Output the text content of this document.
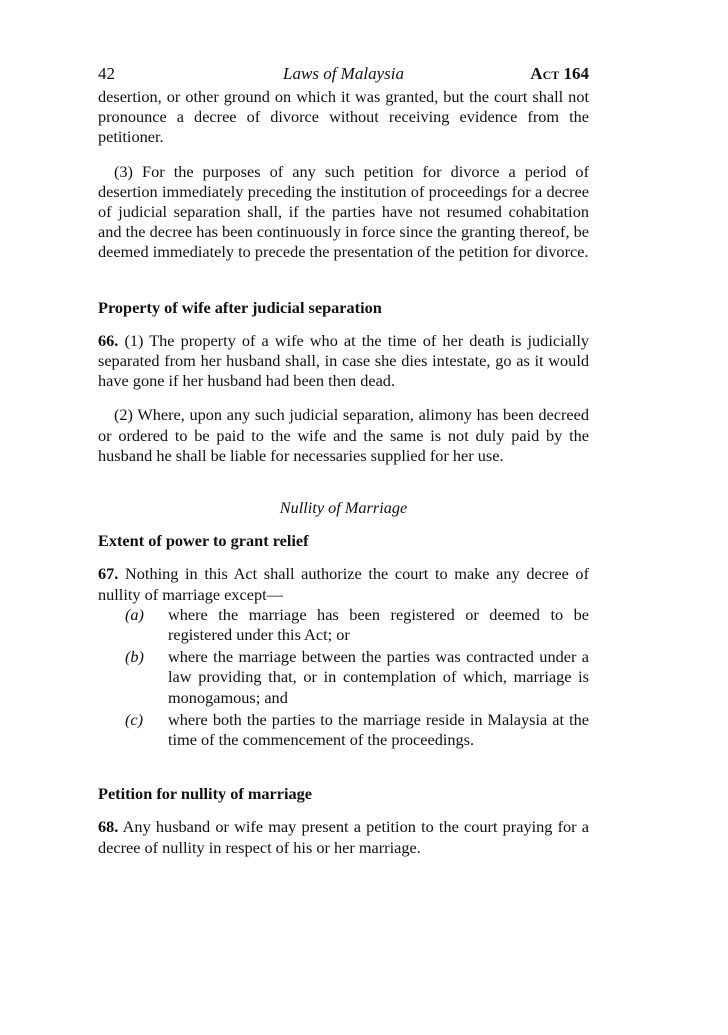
42	Laws of Malaysia	Act 164

desertion, or other ground on which it was granted, but the court shall not pronounce a decree of divorce without receiving evidence from the petitioner.

(3) For the purposes of any such petition for divorce a period of desertion immediately preceding the institution of proceedings for a decree of judicial separation shall, if the parties have not resumed cohabitation and the decree has been continuously in force since the granting thereof, be deemed immediately to precede the presentation of the petition for divorce.

Property of wife after judicial separation

66. (1) The property of a wife who at the time of her death is judicially separated from her husband shall, in case she dies intestate, go as it would have gone if her husband had been then dead.

(2) Where, upon any such judicial separation, alimony has been decreed or ordered to be paid to the wife and the same is not duly paid by the husband he shall be liable for necessaries supplied for her use.

Nullity of Marriage

Extent of power to grant relief

67. Nothing in this Act shall authorize the court to make any decree of nullity of marriage except—

(a)	where the marriage has been registered or deemed to be registered under this Act; or
(b)	where the marriage between the parties was contracted under a law providing that, or in contemplation of which, marriage is monogamous; and
(c)	where both the parties to the marriage reside in Malaysia at the time of the commencement of the proceedings.

Petition for nullity of marriage

68. Any husband or wife may present a petition to the court praying for a decree of nullity in respect of his or her marriage.
